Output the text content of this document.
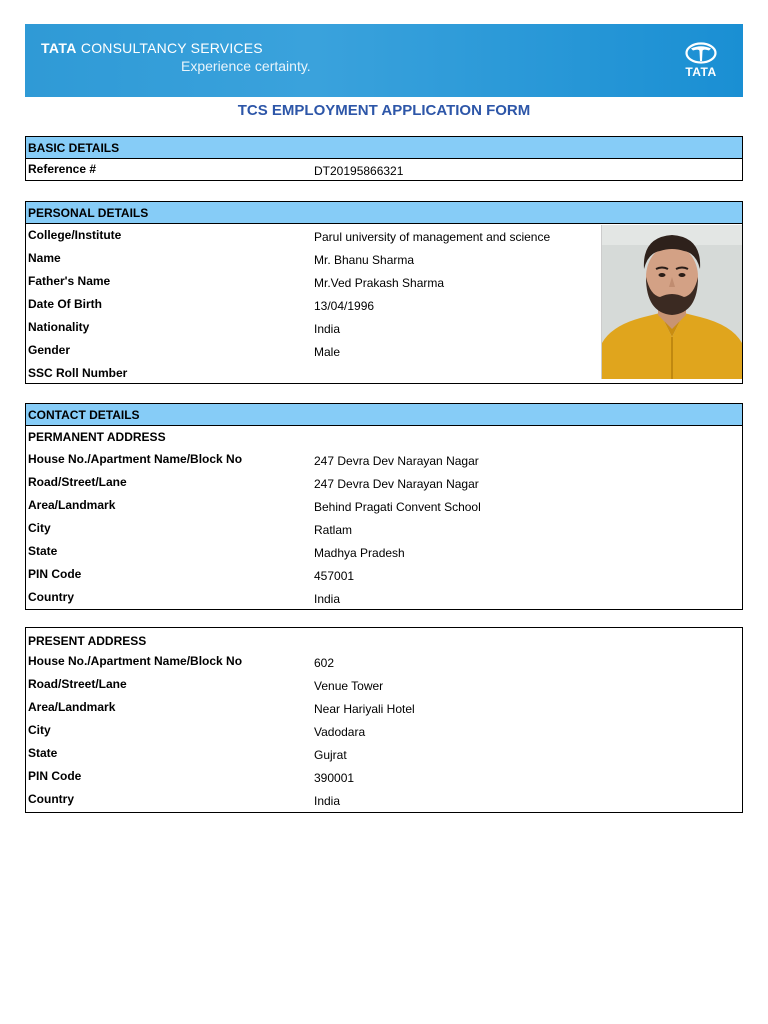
TATA CONSULTANCY SERVICES
Experience certainty.	TATA
TCS EMPLOYMENT APPLICATION FORM
BASIC DETAILS
Reference #	DT20195866321
PERSONAL DETAILS
College/Institute	Parul university of management and science
Name	Mr. Bhanu Sharma
Father's Name	Mr.Ved Prakash Sharma
Date Of Birth	13/04/1996
Nationality	India
Gender	Male
SSC Roll Number
CONTACT DETAILS
PERMANENT ADDRESS
House No./Apartment Name/Block No	247 Devra Dev Narayan Nagar
Road/Street/Lane	247 Devra Dev Narayan Nagar
Area/Landmark	Behind Pragati Convent School
City	Ratlam
State	Madhya Pradesh
PIN Code	457001
Country	India
PRESENT ADDRESS
House No./Apartment Name/Block No	602
Road/Street/Lane	Venue Tower
Area/Landmark	Near Hariyali Hotel
City	Vadodara
State	Gujrat
PIN Code	390001
Country	India
